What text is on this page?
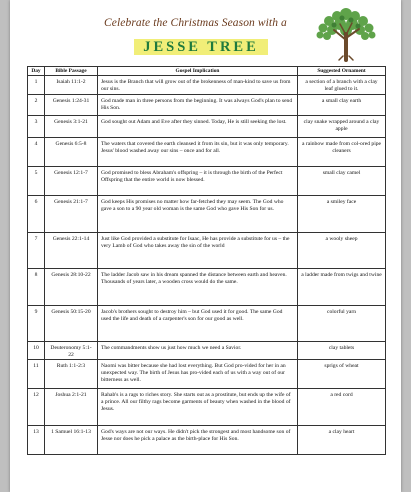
Celebrate the Christmas Season with a
JESSE TREE
Day	Bible Passage	Gospel Implication	Suggested Ornament
1	Isaiah 11:1-2	Jesus is the Branch that will grow out of the brokenness of man-kind to save us from our sins.	a section of a branch with a clay leaf glued to it.
2	Genesis 1:24-31	God made man in three persons from the beginning. It was always God's plan to send His Son.	a small clay earth
3	Genesis 3:1-21	God sought out Adam and Eve after they sinned. Today, He is still seeking the lost.	clay snake wrapped around a clay apple
4	Genesis 6:5-8	The waters that covered the earth cleansed it from its sin, but it was only temporary. Jesus' blood washed away our sins – once and for all.	a rainbow made from col-ored pipe cleaners
5	Genesis 12:1-7	God promised to bless Abraham's offspring – it is through the birth of the Perfect Offspring that the entire world is now blessed.	small clay camel
6	Genesis 21:1-7	God keeps His promises no matter how far-fetched they may seem. The God who gave a son to a 90 year old woman is the same God who gave His Son for us.	a smiley face
7	Genesis 22:1-14	Just like God provided a substitute for Isaac, He has provide a substitute for us – the very Lamb of God who takes away the sin of the world	a wooly sheep
8	Genesis 28:10-22	The ladder Jacob saw in his dream spanned the distance between earth and heaven. Thousands of years later, a wooden cross would do the same.	a ladder made from twigs and twine
9	Genesis 50:15-20	Jacob's brothers sought to destroy him – but God used it for good. The same God used the life and death of a carpenter's son for our good as well.	colorful yarn
10	Deuteronomy 5:1-22	The commandments show us just how much we need a Savior.	clay tablets
11	Ruth 1:1-2:3	Naomi was bitter because she had lost everything. But God pro-vided for her in an unexpected way. The birth of Jesus has pro-vided each of us with a way out of our bitterness as well.	sprigs of wheat
12	Joshua 2:1-21	Rahab's is a rags to riches story. She starts out as a prostitute, but ends up the wife of a prince. All our filthy rags become garments of beauty when washed in the blood of Jesus.	a red cord
13	1 Samuel 16:1-13	God's ways are not our ways. He didn't pick the strongest and most handsome son of Jesse nor does he pick a palace as the birth-place for His Son.	a clay heart
